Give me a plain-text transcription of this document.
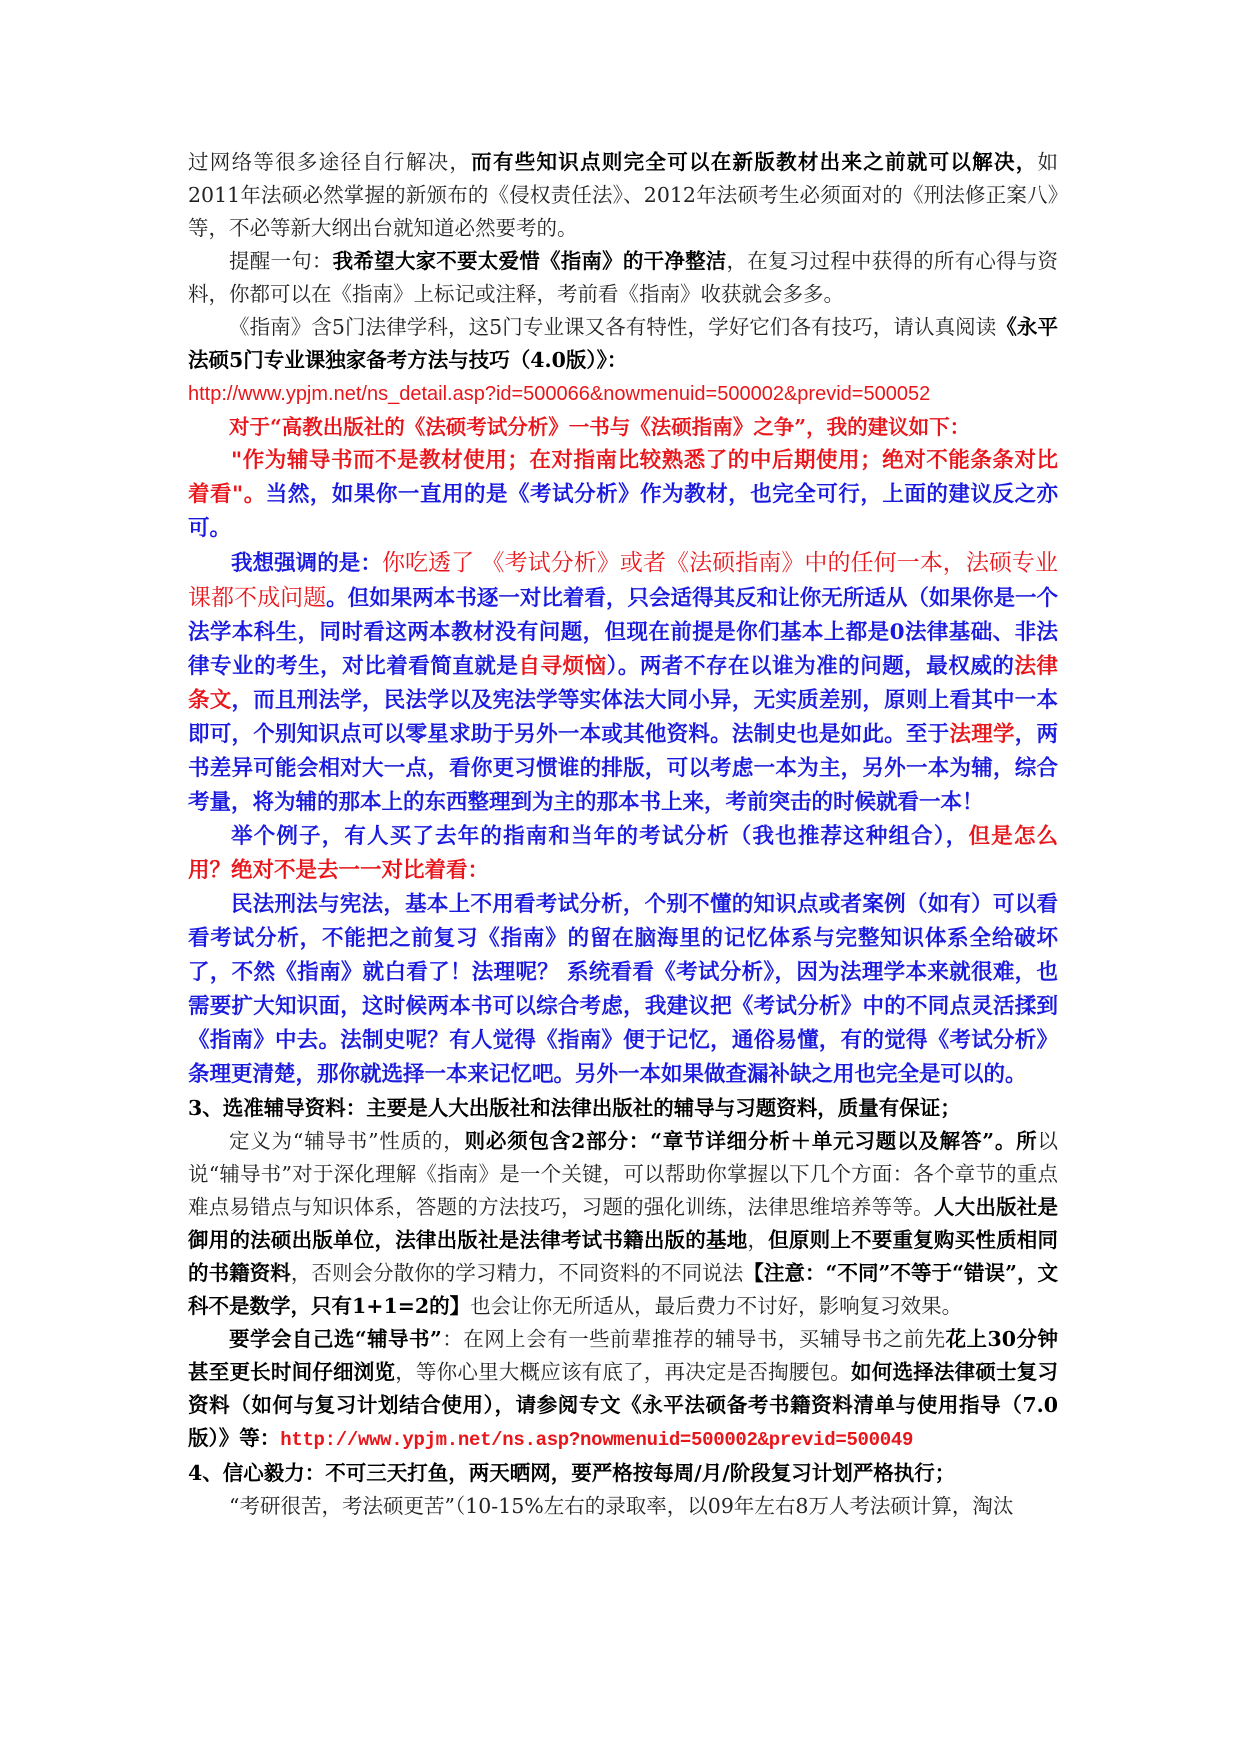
过网络等很多途径自行解决，而有些知识点则完全可以在新版教材出来之前就可以解决，如2011年法硕必然掌握的新颁布的《侵权责任法》、2012年法硕考生必须面对的《刑法修正案八》等，不必等新大纲出台就知道必然要考的。

提醒一句：我希望大家不要太爱惜《指南》的干净整洁，在复习过程中获得的所有心得与资料，你都可以在《指南》上标记或注释，考前看《指南》收获就会多多。

《指南》含5门法律学科，这5门专业课又各有特性，学好它们各有技巧，请认真阅读《永平法硕5门专业课独家备考方法与技巧（4.0版）》：
http://www.ypjm.net/ns_detail.asp?id=500066&nowmenuid=500002&previd=500052

对于“高教出版社的《法硕考试分析》一书与《法硕指南》之争”，我的建议如下：

"作为辅导书而不是教材使用；在对指南比较熟悉了的中后期使用；绝对不能条条对比着看"。当然，如果你一直用的是《考试分析》作为教材，也完全可行，上面的建议反之亦可。

我想强调的是：你吃透了 《考试分析》或者《法硕指南》中的任何一本，法硕专业课都不成问题。但如果两本书逐一对比着看，只会适得其反和让你无所适从（如果你是一个法学本科生，同时看这两本教材没有问题，但现在前提是你们基本上都是0法律基础、非法律专业的考生，对比着看简直就是自寻烦恼）。两者不存在以谁为准的问题，最权威的法律条文，而且刑法学，民法学以及宪法学等实体法大同小异，无实质差别，原则上看其中一本即可，个别知识点可以零星求助于另外一本或其他资料。法制史也是如此。至于法理学，两书差异可能会相对大一点，看你更习惯谁的排版，可以考虑一本为主，另外一本为辅，综合考量，将为辅的那本上的东西整理到为主的那本书上来，考前突击的时候就看一本！

举个例子，有人买了去年的指南和当年的考试分析（我也推荐这种组合），但是怎么用？绝对不是去一一对比着看：

民法刑法与宪法，基本上不用看考试分析，个别不懂的知识点或者案例（如有）可以看看考试分析，不能把之前复习《指南》的留在脑海里的记忆体系与完整知识体系全给破坏了，不然《指南》就白看了！法理呢？ 系统看看《考试分析》，因为法理学本来就很难，也需要扩大知识面，这时候两本书可以综合考虑，我建议把《考试分析》中的不同点灵活揉到《指南》中去。法制史呢？有人觉得《指南》便于记忆，通俗易懂，有的觉得《考试分析》条理更清楚，那你就选择一本来记忆吧。另外一本如果做查漏补缺之用也完全是可以的。

3、选准辅导资料：主要是人大出版社和法律出版社的辅导与习题资料，质量有保证；

定义为“辅导书”性质的，则必须包含2部分：“章节详细分析＋单元习题以及解答”。所以说“辅导书”对于深化理解《指南》是一个关键，可以帮助你掌握以下几个方面：各个章节的重点难点易错点与知识体系，答题的方法技巧，习题的强化训练，法律思维培养等等。人大出版社是御用的法硕出版单位，法律出版社是法律考试书籍出版的基地，但原则上不要重复购买性质相同的书籍资料，否则会分散你的学习精力，不同资料的不同说法【注意：“不同”不等于“错误”，文科不是数学，只有1+1=2的】也会让你无所适从，最后费力不讨好，影响复习效果。

要学会自己选“辅导书”：在网上会有一些前辈推荐的辅导书，买辅导书之前先花上30分钟甚至更长时间仔细浏览，等你心里大概应该有底了，再决定是否掏腰包。如何选择法律硕士复习资料（如何与复习计划结合使用），请参阅专文《永平法硕备考书籍资料清单与使用指导（7.0版）》等：http://www.ypjm.net/ns.asp?nowmenuid=500002&previd=500049

4、信心毅力：不可三天打鱼，两天晒网，要严格按每周/月/阶段复习计划严格执行；

“考研很苦，考法硕更苦”（10-15%左右的录取率，以09年左右8万人考法硕计算，淘汰
